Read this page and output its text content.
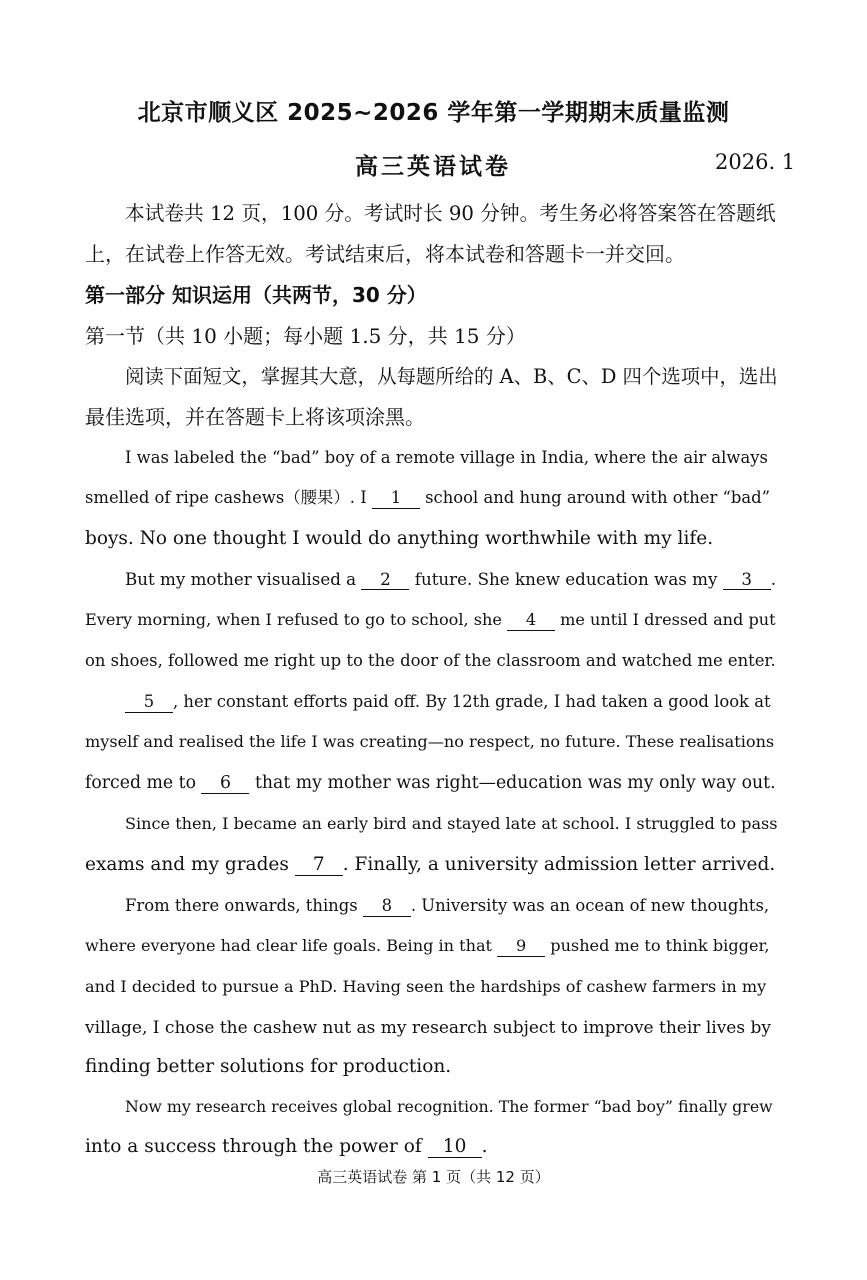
北京市顺义区 2025~2026 学年第一学期期末质量监测
高三英语试卷	2026. 1
本试卷共 12 页，100 分。考试时长 90 分钟。考生务必将答案答在答题纸
上，在试卷上作答无效。考试结束后，将本试卷和答题卡一并交回。
第一部分 知识运用（共两节，30 分）
第一节（共 10 小题；每小题 1.5 分，共 15 分）
阅读下面短文，掌握其大意，从每题所给的 A、B、C、D 四个选项中，选出
最佳选项，并在答题卡上将该项涂黑。
I was labeled the “bad” boy of a remote village in India, where the air always
smelled of ripe cashews（腰果）. I 1 school and hung around with other “bad”
boys. No one thought I would do anything worthwhile with my life.
But my mother visualised a 2 future. She knew education was my 3 .
Every morning, when I refused to go to school, she 4 me until I dressed and put
on shoes, followed me right up to the door of the classroom and watched me enter.
5 , her constant efforts paid off. By 12th grade, I had taken a good look at
myself and realised the life I was creating—no respect, no future. These realisations
forced me to 6 that my mother was right—education was my only way out.
Since then, I became an early bird and stayed late at school. I struggled to pass
exams and my grades 7 . Finally, a university admission letter arrived.
From there onwards, things 8 . University was an ocean of new thoughts,
where everyone had clear life goals. Being in that 9 pushed me to think bigger,
and I decided to pursue a PhD. Having seen the hardships of cashew farmers in my
village, I chose the cashew nut as my research subject to improve their lives by
finding better solutions for production.
Now my research receives global recognition. The former “bad boy” finally grew
into a success through the power of 10 .
高三英语试卷 第 1 页（共 12 页）
